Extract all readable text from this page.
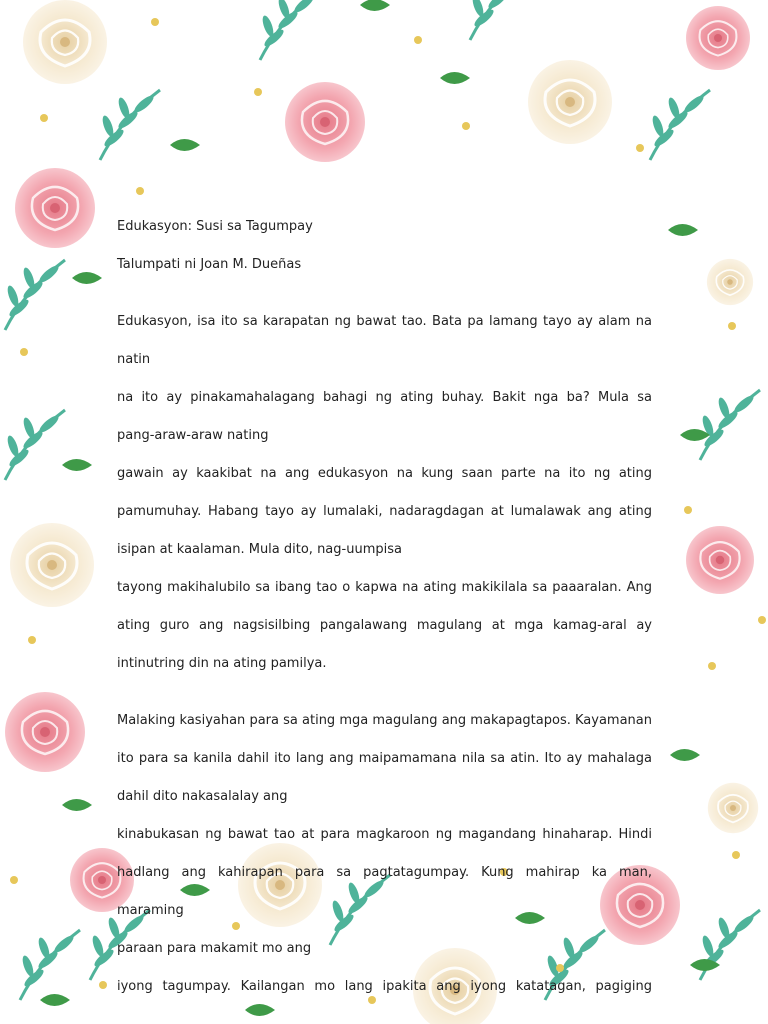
Edukasyon: Susi sa Tagumpay

Talumpati ni Joan M. Dueñas

Edukasyon, isa ito sa karapatan ng bawat tao. Bata pa lamang tayo ay alam na natin
na ito ay pinakamahalagang bahagi ng ating buhay. Bakit nga ba? Mula sa
pang-araw-araw nating
gawain ay kaakibat na ang edukasyon na kung saan parte na ito ng ating
pamumuhay. Habang tayo ay lumalaki, nadaragdagan at lumalawak ang ating
isipan at kaalaman. Mula dito, nag-uumpisa
tayong makihalubilo sa ibang tao o kapwa na ating makikilala sa paaaralan. Ang
ating guro ang nagsisilbing pangalawang magulang at mga kamag-aral ay
intinutring din na ating pamilya.

Malaking kasiyahan para sa ating mga magulang ang makapagtapos. Kayamanan
ito para sa kanila dahil ito lang ang maipamamana nila sa atin. Ito ay mahalaga
dahil dito nakasalalay ang
kinabukasan ng bawat tao at para magkaroon ng magandang hinaharap. Hindi
hadlang ang kahirapan para sa pagtatagumpay. Kung mahirap ka man, maraming
paraan para makamit mo ang
iyong tagumpay. Kailangan mo lang ipakita ang iyong katatagan, pagiging
